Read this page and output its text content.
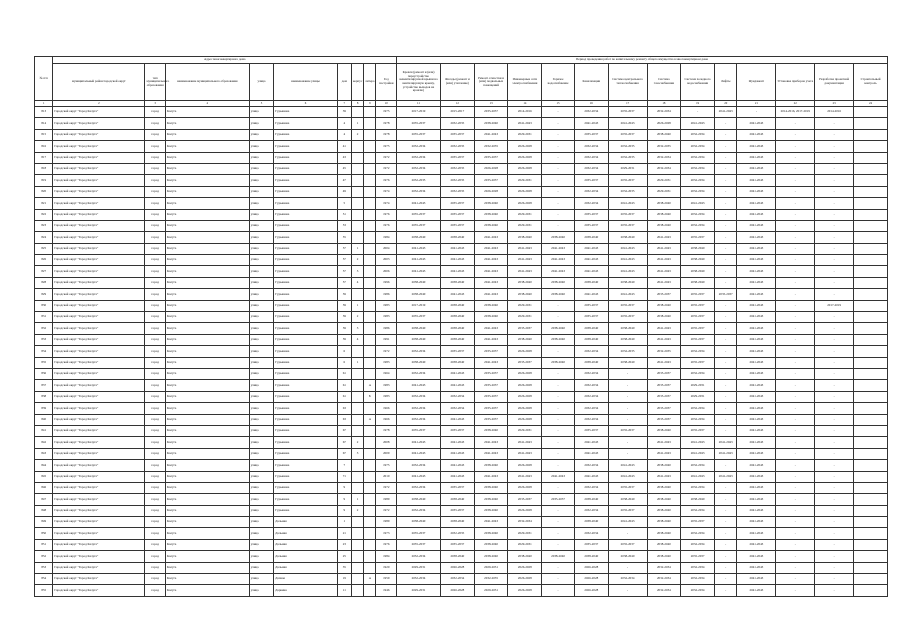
№ п/п	Адрес многоквартирного дома									Период проведения работ по капитальному ремонту общего имущества в многоквартирном доме													
	муниципальный район/городской округ	тип муниципального образования	наименование муниципального образования	улица	наименование улицы	дом	корпус	литера	Год постройки	Кровля (ремонт и (или) переустройство невентилируемой крыши на вентилируемую крышу, устройство выходов на кровлю)	Фасады (ремонт и (или) утепление)	Ремонт отмостки и (или) подвальных помещений	Инженерные сети электроснабжения	Горячее водоснабжение	Канализация	Система центрального теплоснабжения	Система газоснабжения	Система холодного водоснабжения	Лифты	Фундамент	Установка приборов учета	Разработка проектной документации	Строительный контроль
1	2	3	4	5	6	7	8	9	10	11	12	13	14	15	16	17	18	19	20	21	22	23	24
813	Городской округ "Город Калуга"	город	Калуга	улица	Гурьянова	39			1975	2017-2019	2015-2017	2035-2037	2014-2016	-	2032-2034	2035-2037	2032-2034	-	2041-2043	-	2014-2016, 2017-2019	2014-2016	
814	Городской округ "Город Калуга"	город	Калуга	улица	Гурьянова	4	1		1978	2035-2037	2032-2035	2038-2040	2041-2043	-	2041-2043	2041-2043	2026-2028	2041-2043	-	2041-2043	-	-	
815	Городской округ "Город Калуга"	город	Калуга	улица	Гурьянова	4	2		1978	2035-2037	2035-2037	2041-2043	2029-2031	-	2035-2037	2035-2037	2038-2040	2032-2034	-	2041-2043	-	-	
816	Городской округ "Город Калуга"	город	Калуга	улица	Гурьянова	41			1975	2032-2034	2032-2035	2032-2035	2026-2028	-	2032-2034	2032-2035	2032-2035	2032-2034	-	2041-2043	-	-	
817	Городской округ "Город Калуга"	город	Калуга	улица	Гурьянова	43			1972	2032-2034	2035-2037	2035-2037	2026-2028	-	2032-2034	2032-2035	2032-2034	2032-2034	-	2041-2043	-	-	
818	Городской округ "Город Калуга"	город	Калуга	улица	Гурьянова	45			1972	2032-2034	2032-2035	2026-2028	2026-2028	-	2032-2034	2029-2031	2032-2034	2032-2034	-	2041-2043	-	-	
819	Городской округ "Город Калуга"	город	Калуга	улица	Гурьянова	47			1976	2032-2035	2032-2035	2035-2037	2029-2031	-	2035-2037	2035-2037	2029-2031	2032-2034	-	2041-2043	-	-	
820	Городской округ "Город Калуга"	город	Калуга	улица	Гурьянова	49			1974	2032-2034	2032-2035	2026-2028	2026-2028	-	2032-2034	2032-2035	2029-2031	2032-2034	-	2041-2043	-	-	
821	Городской округ "Город Калуга"	город	Калуга	улица	Гурьянова	5			1974	2041-2043	2035-2037	2038-2040	2026-2028	-	2032-2034	2041-2043	2038-2040	2041-2043	-	2041-2043	-	-	
822	Городской округ "Город Калуга"	город	Калуга	улица	Гурьянова	51			1976	2035-2037	2035-2037	2038-2040	2029-2031	-	2035-2037	2035-2037	2038-2040	2032-2034	-	2041-2043	-	-	
823	Городской округ "Город Калуга"	город	Калуга	улица	Гурьянова	53			1976	2035-2037	2035-2037	2038-2040	2029-2031	-	2035-2037	2035-2037	2038-2040	2032-2034	-	2041-2043	-	-	
824	Городской округ "Город Калуга"	город	Калуга	улица	Гурьянова	55			1984	2038-2040	2038-2040	2041-2043	2038-2040	2038-2040	2038-2040	2038-2040	2041-2043	2035-2037	-	2041-2043	-	-	
825	Городской округ "Город Калуга"	город	Калуга	улица	Гурьянова	57	1		2004	2041-2043	2041-2043	2041-2043	2041-2043	2041-2043	2041-2043	2041-2043	2041-2043	2038-2040	-	2041-2043	-	-	
826	Городской округ "Город Калуга"	город	Калуга	улица	Гурьянова	57	2		2003	2041-2043	2041-2043	2041-2043	2041-2043	2041-2043	2041-2043	2041-2043	2041-2043	2038-2040	-	2041-2043	-	-	
827	Городской округ "Город Калуга"	город	Калуга	улица	Гурьянова	57	3		2006	2041-2043	2041-2043	2041-2043	2041-2043	2041-2043	2041-2043	2041-2043	2041-2043	2038-2040	-	2041-2043	-	-	
828	Городской округ "Город Калуга"	город	Калуга	улица	Гурьянова	57	4		1996	2038-2040	2038-2040	2041-2043	2038-2040	2038-2040	2038-2040	2038-2040	2041-2043	2038-2040	-	2041-2043	-	-	
829	Городской округ "Город Калуга"	город	Калуга	улица	Гурьянова	59			1986	2038-2040	2041-2043	2041-2043	2038-2040	2038-2040	2041-2043	2041-2043	2035-2037	2035-2037	2035-2037	2041-2043	-	-	
830	Городской округ "Город Калуга"	город	Калуга	улица	Гурьянова	59	1		1983	2017-2019	2038-2040	2038-2040	2029-2031	-	2035-2037	2035-2037	2038-2040	2035-2037	-	2041-2043	-	2017-2019	
831	Городской округ "Город Калуга"	город	Калуга	улица	Гурьянова	59	2		1983	2035-2037	2038-2040	2038-2040	2029-2031	-	2035-2037	2035-2037	2038-2040	2035-2037	-	2041-2043	-	-	
832	Городской округ "Город Калуга"	город	Калуга	улица	Гурьянова	59	3		1986	2038-2040	2038-2040	2041-2043	2035-2037	2038-2040	2038-2040	2038-2040	2041-2043	2035-2037	-	2041-2043	-	-	
833	Городской округ "Город Калуга"	город	Калуга	улица	Гурьянова	59	4		1991	2038-2040	2038-2040	2041-2043	2038-2040	2038-2040	2038-2040	2038-2040	2041-2043	2035-2037	-	2041-2043	-	-	
834	Городской округ "Город Калуга"	город	Калуга	улица	Гурьянова	6			1972	2032-2034	2035-2037	2035-2037	2026-2028	-	2032-2034	2032-2035	2032-2035	2032-2034	-	2041-2043	-	-	
835	Городской округ "Город Калуга"	город	Калуга	улица	Гурьянова	6	1		1983	2038-2040	2038-2040	2041-2043	2035-2037	2038-2040	2038-2040	2038-2040	2041-2043	2035-2037	-	2041-2043	-	-	
836	Городской округ "Город Калуга"	город	Калуга	улица	Гурьянова	61			1964	2032-2034	2041-2043	2035-2037	2026-2028	-	2032-2034	-	2035-2037	2032-2034	-	2041-2043	-	-	
837	Городской округ "Город Калуга"	город	Калуга	улица	Гурьянова	61		А	1983	2041-2043	2041-2043	2035-2037	2026-2028	-	2032-2034	-	2035-2037	2029-2031	-	2041-2043	-	-	
838	Городской округ "Город Калуга"	город	Калуга	улица	Гурьянова	61		Б	1983	2032-2034	2032-2034	2035-2037	2026-2028	-	2032-2034	-	2035-2037	2029-2031	-	2041-2043	-	-	
839	Городской округ "Город Калуга"	город	Калуга	улица	Гурьянова	63			1966	2032-2034	2032-2034	2035-2037	2026-2028	-	2032-2034	-	2035-2037	2032-2034	-	2041-2043	-	-	
840	Городской округ "Город Калуга"	город	Калуга	улица	Гурьянова	63		А	1966	2032-2034	2041-2043	2035-2037	2026-2028	-	2032-2034	-	2035-2037	2032-2034	-	2041-2043	-	-	
841	Городской округ "Город Калуга"	город	Калуга	улица	Гурьянова	67			1978	2035-2037	2035-2037	2038-2040	2029-2031	-	2035-2037	2035-2037	2038-2040	2035-2037	-	2041-2043	-	-	
842	Городской округ "Город Калуга"	город	Калуга	улица	Гурьянова	67	2		2008	2041-2043	2041-2043	2041-2043	2041-2043	-	2041-2043	-	2041-2043	2041-2043	2041-2043	2041-2043	-	-	
843	Городской округ "Город Калуга"	город	Калуга	улица	Гурьянова	67	3		2009	2041-2043	2041-2043	2041-2043	2041-2043	-	2041-2043	-	2041-2043	2041-2043	2041-2043	2041-2043	-	-	
844	Городской округ "Город Калуга"	город	Калуга	улица	Гурьянова	7			1975	2032-2034	2041-2043	2038-2040	2026-2028	-	2032-2034	2041-2043	2038-2040	2032-2034	-	2041-2043	-	-	
845	Городской округ "Город Калуга"	город	Калуга	улица	Гурьянова	71			2010	2041-2043	2041-2043	2041-2043	2041-2043	2041-2043	2041-2043	2041-2043	2041-2043	2041-2043	2041-2043	2041-2043	-	-	
846	Городской округ "Город Калуга"	город	Калуга	улица	Гурьянова	9			1972	2032-2034	2035-2037	2038-2040	2026-2028	-	2032-2034	2035-2037	2038-2040	2032-2034	-	2041-2043	-	-	
847	Городской округ "Город Калуга"	город	Калуга	улица	Гурьянова	9	1		1989	2038-2040	2038-2040	2038-2040	2035-2037	2035-2037	2038-2040	2038-2040	2038-2040	2038-2040	-	2041-2043	-	-	
848	Городской округ "Город Калуга"	город	Калуга	улица	Гурьянова	9	2		1972	2032-2034	2035-2037	2038-2040	2026-2028	-	2032-2034	2035-2037	2038-2040	2032-2034	-	2041-2043	-	-	
849	Городской округ "Город Калуга"	город	Калуга	улица	Дальняя	1			1989	2038-2040	2038-2040	2041-2043	2032-2034	-	2038-2040	2041-2043	2038-2040	2035-2037	-	2041-2043	-	-	
850	Городской округ "Город Калуга"	город	Калуга	улица	Дальняя	21			1973	2035-2037	2032-2035	2038-2040	2029-2031	-	2032-2034	-	2038-2040	2032-2034	-	2041-2043	-	-	
851	Городской округ "Город Калуга"	город	Калуга	улица	Дальняя	23			1976	2035-2037	2035-2037	2038-2040	2029-2031	-	2035-2037	2035-2037	2038-2040	2032-2034	-	2041-2043	-	-	
852	Городской округ "Город Калуга"	город	Калуга	улица	Дальняя	25			1984	2032-2034	2038-2040	2038-2040	2038-2040	2038-2040	2038-2040	2038-2040	2038-2040	2035-2037	-	2041-2043	-	-	
853	Городской округ "Город Калуга"	город	Калуга	улица	Дальняя	35			1920	2029-2031	2026-2028	2029-2031	2026-2028	-	2026-2028	-	2032-2034	2032-2034	-	2041-2043	-	-	
854	Городской округ "Город Калуга"	город	Калуга	улица	Дачная	19		А	1959	2032-2034	2032-2034	2032-2035	2026-2028	-	2026-2028	2032-2034	2032-2034	2032-2034	-	2041-2043	-	-	
855	Городской округ "Город Калуга"	город	Калуга	улица	Дарвина	11			1946	2029-2031	2026-2028	2029-2031	2026-2028	-	2026-2028	-	2032-2034	2032-2034	-	2041-2043	-	-	
